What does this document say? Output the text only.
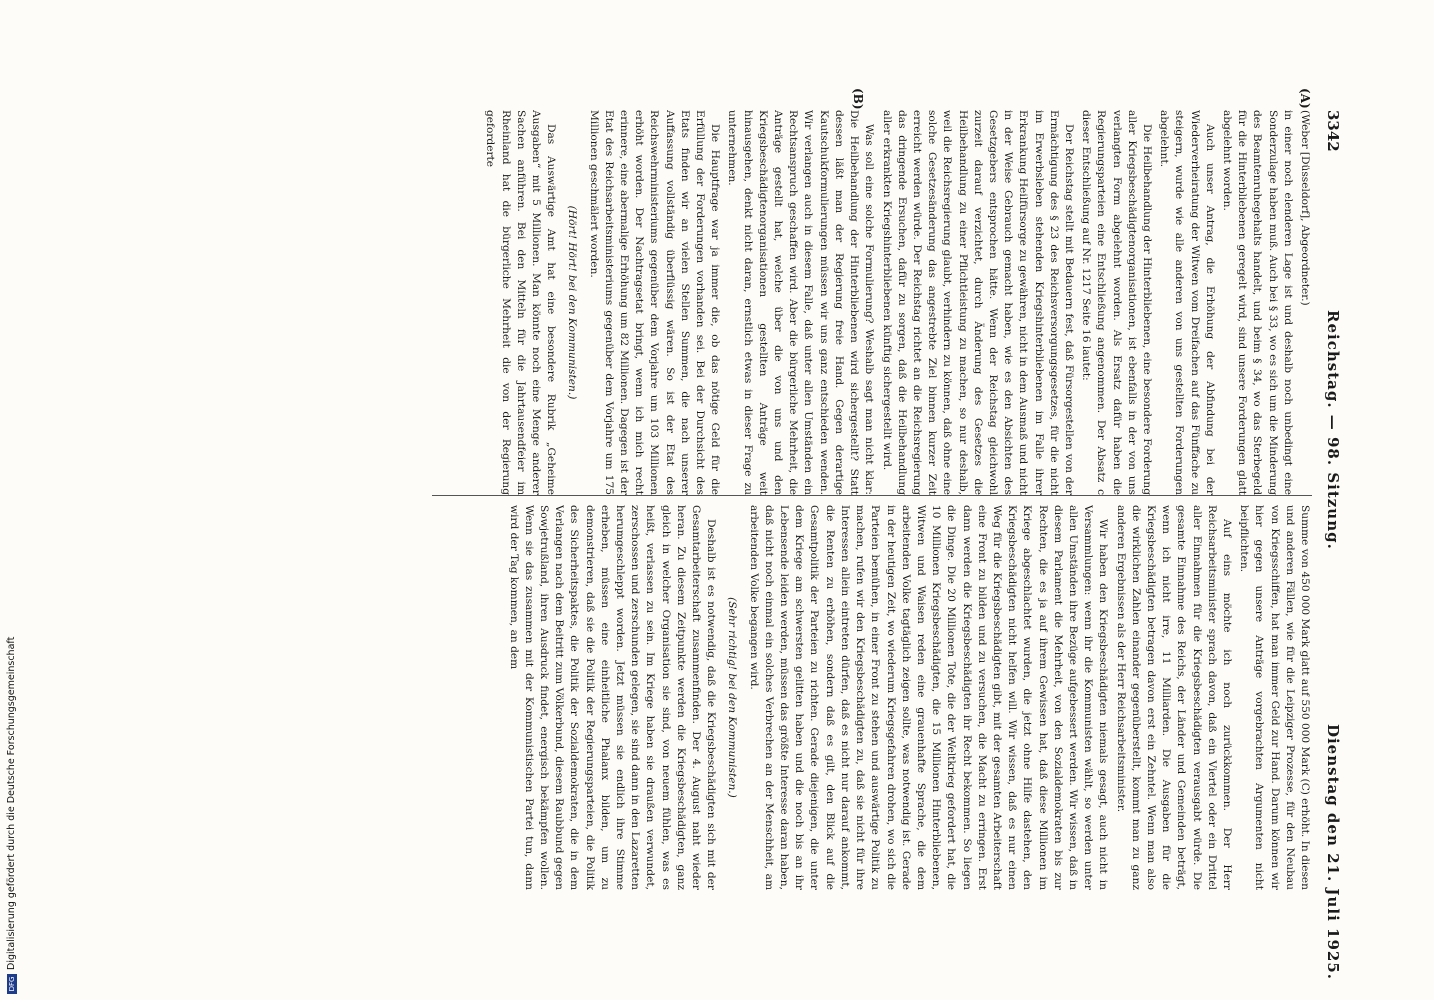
3342
Reichstag. — 98. Sitzung.
Dienstag den 21. Juli 1925.
(A)
(B)

(Weber [Düsseldorf], Abgeordneter.)

in einer noch elenderen Lage ist und deshalb noch unbedingt eine Sonderzulage haben muß. Auch bei § 33, wo es sich um die Minderung des Beamtenruhegehalts handelt, und beim § 34, wo das Sterbegeld für die Hinterbliebenen geregelt wird, sind unsere Forderungen glatt abgelehnt worden.

Auch unser Antrag, die Erhöhung der Abfindung bei der Wiederverheiratung der Witwen vom Dreifachen auf das Fünffache zu steigern, wurde wie alle anderen von uns gestellten Forderungen abgelehnt.

Die Heilbehandlung der Hinterbliebenen, eine besondere Forderung aller Kriegsbeschädigtenorganisationen, ist ebenfalls in der von uns verlangten Form abgelehnt worden. Als Ersatz dafür haben die Regierungsparteien eine Entschließung angenommen. Der Absatz c dieser Entschließung auf Nr. 1217 Seite 16 lautet:

Der Reichstag stellt mit Bedauern fest, daß Fürsorgestellen von der Ermächtigung des § 23 des Reichsversorgungsgesetzes, für die nicht im Erwerbsleben stehenden Kriegshinterbliebenen im Falle ihrer Erkrankung Heilfürsorge zu gewähren, nicht in dem Ausmaß und nicht in der Weise Gebrauch gemacht haben, wie es den Absichten des Gesetzgebers entsprochen hätte. Wenn der Reichstag gleichwohl zurzeit darauf verzichtet, durch Änderung des Gesetzes die Heilbehandlung zu einer Pflichtleistung zu machen, so nur deshalb, weil die Reichsregierung glaubt, verhindern zu können, daß ohne eine solche Gesetzesänderung das angestrebte Ziel binnen kurzer Zeit erreicht werden würde. Der Reichstag richtet an die Reichsregierung das dringende Ersuchen, dafür zu sorgen, daß die Heilbehandlung aller erkrankten Kriegshinterbliebenen künftig sichergestellt wird.

Was soll eine solche Formulierung? Weshalb sagt man nicht klar: Die Heilbehandlung der Hinterbliebenen wird sichergestellt? Statt dessen läßt man der Regierung freie Hand. Gegen derartige Kautschukformulierungen müssen wir uns ganz entschieden wenden. Wir verlangen auch in diesem Falle, daß unter allen Umständen ein Rechtsanspruch geschaffen wird. Aber die bürgerliche Mehrheit, die Anträge gestellt hat, welche über die von uns und den Kriegsbeschädigtenorganisationen gestellten Anträge weit hinausgehen, denkt nicht daran, ernstlich etwas in dieser Frage zu unternehmen.

Die Hauptfrage war ja immer die, ob das nötige Geld für die Erfüllung der Forderungen vorhanden sei. Bei der Durchsicht des Etats finden wir an vielen Stellen Summen, die nach unserer Auffassung vollständig überflüssig wären. So ist der Etat des Reichswehrministeriums gegenüber dem Vorjahre um 103 Millionen erhöht worden. Der Nachtragsetat bringt, wenn ich mich recht erinnere, eine abermalige Erhöhung um 82 Millionen. Dagegen ist der Etat des Reichsarbeitsministeriums gegenüber dem Vorjahre um 175 Millionen geschmälert worden.

(Hört! Hört! bei den Kommunisten.)

Das Auswärtige Amt hat eine besondere Rubrik „Geheime Ausgaben“ mit 5 Millionen. Man könnte noch eine Menge anderer Sachen anführen. Bei den Mitteln für die Jahrtausendfeier im Rheinland hat die bürgerliche Mehrheit die von der Regierung geforderte

Summe von 450 000 Mark glatt auf 550 000 Mark (C) erhöht. In diesen und anderen Fällen, wie für die Leipziger Prozesse, für den Neubau von Kriegsschiffen, hat man immer Geld zur Hand. Darum können wir hier gegen unsere Anträge vorgebrachten Argumenten nicht beipflichten.

Auf eins möchte ich noch zurückkommen. Der Herr Reichsarbeitsminister sprach davon, daß ein Viertel oder ein Drittel aller Einnahmen für die Kriegsbeschädigten verausgabt würde. Die gesamte Einnahme des Reichs, der Länder und Gemeinden beträgt, wenn ich nicht irre, 11 Milliarden. Die Ausgaben für die Kriegsbeschädigten betragen davon erst ein Zehntel. Wenn man also die wirklichen Zahlen einander gegenüberstellt, kommt man zu ganz anderen Ergebnissen als der Herr Reichsarbeitsminister.

Wir haben den Kriegsbeschädigten niemals gesagt, auch nicht in Versammlungen: wenn ihr die Kommunisten wählt, so werden unter allen Umständen ihre Bezüge aufgebessert werden. Wir wissen, daß in diesem Parlament die Mehrheit, von den Sozialdemokraten bis zur Rechten, die es ja auf ihrem Gewissen hat, daß diese Millionen im Kriege abgeschlachtet wurden, die jetzt ohne Hilfe dastehen, den Kriegsbeschädigten nicht helfen will. Wir wissen, daß es nur einen Weg für die Kriegsbeschädigten gibt, mit der gesamten Arbeiterschaft eine Front zu bilden und zu versuchen, die Macht zu erringen. Erst dann werden die Kriegsbeschädigten ihr Recht bekommen. So liegen die Dinge. Die 20 Millionen Tote, die der Weltkrieg gefordert hat, die 10 Millionen Kriegsbeschädigten, die 15 Millionen Hinterbliebenen, Witwen und Waisen reden eine grauenhafte Sprache, die dem arbeitenden Volke tagtäglich zeigen sollte, was notwendig ist. Gerade in der heutigen Zeit, wo wiederum Kriegsgefahren drohen, wo sich die Parteien bemühen, in einer Front zu stehen und auswärtige Politik zu machen, rufen wir den Kriegsbeschädigten zu, daß sie nicht für ihre Interessen allein eintreten dürfen, daß es nicht nur darauf ankommt, die Renten zu erhöhen, sondern daß es gilt, den Blick auf die Gesamtpolitik der Parteien zu richten. Gerade diejenigen, die unter dem Kriege am schwersten gelitten haben und die noch bis an ihr Lebensende leiden werden, müssen das größte Interesse daran haben, daß nicht noch einmal ein solches Verbrechen an der Menschheit, am arbeitenden Volke begangen wird.

(Sehr richtig! bei den Kommunisten.)

Deshalb ist es notwendig, daß die Kriegsbeschädigten sich mit der Gesamtarbeiterschaft zusammenfinden. Der 4. August naht wieder heran. Zu diesem Zeitpunkte werden die Kriegsbeschädigten, ganz gleich in welcher Organisation sie sind, von neuem fühlen, was es heißt, verlassen zu sein. Im Kriege haben sie draußen verwundet, zerschossen und zerschunden gelegen, sie sind dann in den Lazaretten herumgeschleppt worden. Jetzt müssen sie endlich ihre Stimme erheben, müssen eine einheitliche Phalanx bilden, um zu demonstrieren, daß sie die Politik der Regierungsparteien, die Politik des Sicherheitspaktes, die Politik der Sozialdemokraten, die in dem Verlangen nach dem Beitritt zum Völkerbund, diesem Raubbund gegen Sowjetrußland, ihren Ausdruck findet, energisch bekämpfen wollen. Wenn sie das zusammen mit der Kommunistischen Partei tun, dann wird der Tag kommen, an dem

DFGDigitalisierung gefördert durch die Deutsche Forschungsgemeinschaft
